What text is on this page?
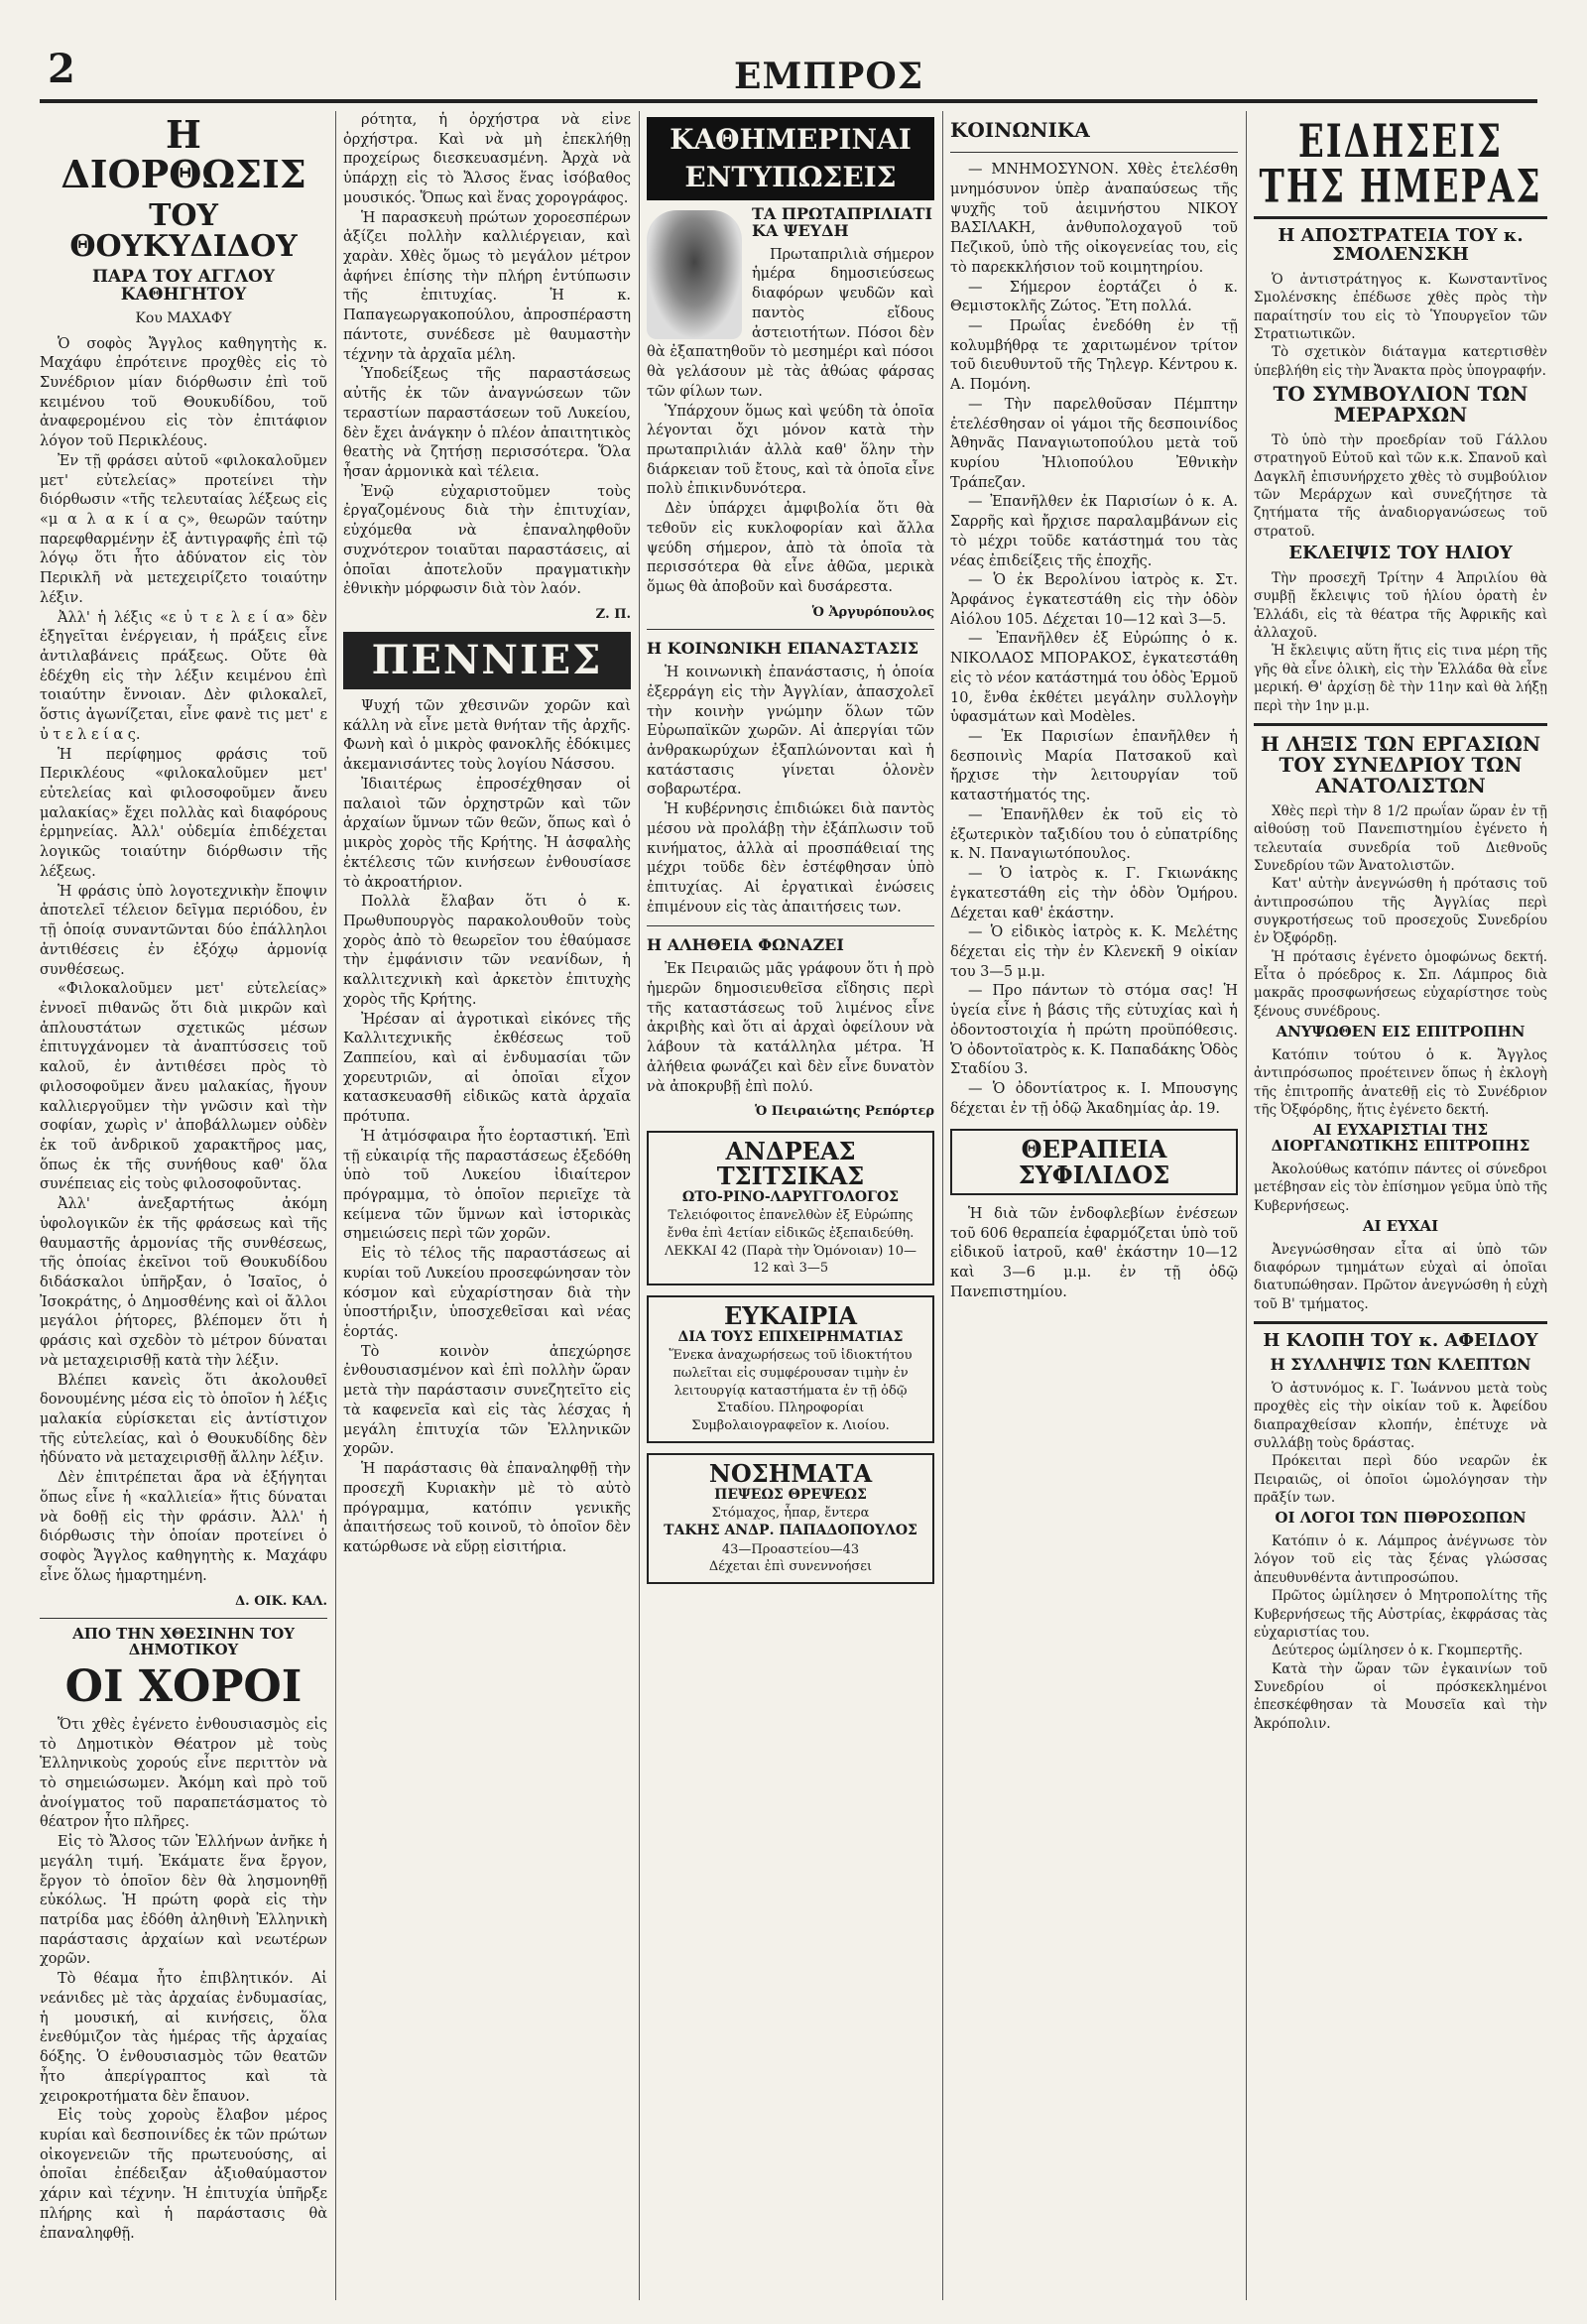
2	ΕΜΠΡΟΣ
Η ΔΙΟΡΘΩΣΙΣ
ΤΟΥ ΘΟΥΚΥΔΙΔΟΥ
ΠΑΡΑ ΤΟΥ ΑΓΓΛΟΥ ΚΑΘΗΓΗΤΟΥ
Κου ΜΑΧΑΦΥ

Ὁ σοφὸς Ἄγγλος καθηγητὴς κ. Μαχάφυ ἐπρότεινε προχθὲς εἰς τὸ Συνέδριον μίαν διόρθωσιν ἐπὶ τοῦ κειμένου τοῦ Θουκυδίδου, τοῦ ἀναφερομένου εἰς τὸν ἐπιτάφιον λόγον τοῦ Περικλέους.

Ἐν τῇ φράσει αὐτοῦ «φιλοκαλοῦμεν μετ' εὐτελείας» προτείνει τὴν διόρθωσιν «τῆς τελευταίας λέξεως εἰς «μ α λ α κ ί α ς», θεωρῶν ταύτην παρεφθαρμένην ἐξ ἀντιγραφῆς ἐπὶ τῷ λόγῳ ὅτι ἦτο ἀδύνατον εἰς τὸν Περικλῆ νὰ μετεχειρίζετο τοιαύτην λέξιν.

Ἀλλ' ἡ λέξις «ε ὐ τ ε λ ε ί α» δὲν ἐξηγεῖται ἐνέργειαν, ἡ πράξεις εἶνε ἀντιλαβάνεις πράξεως. Οὔτε θὰ ἐδέχθη εἰς τὴν λέξιν κειμένου ἐπὶ τοιαύτην ἔννοιαν. Δὲν φιλοκαλεῖ, ὅστις ἀγωνίζεται, εἶνε φανὲ τις μετ' ε ὐ τ ε λ ε ί α ς.

Ἡ περίφημος φράσις τοῦ Περικλέους «φιλοκαλοῦμεν μετ' εὐτελείας καὶ φιλοσοφοῦμεν ἄνευ μαλακίας» ἔχει πολλὰς καὶ διαφόρους ἑρμηνείας. Ἀλλ' οὐδεμία ἐπιδέχεται λογικῶς τοιαύτην διόρθωσιν τῆς λέξεως.

Ἡ φράσις ὑπὸ λογοτεχνικὴν ἔποψιν ἀποτελεῖ τέλειον δεῖγμα περιόδου, ἐν τῇ ὁποίᾳ συναντῶνται δύο ἐπάλληλοι ἀντιθέσεις ἐν ἐξόχῳ ἁρμονίᾳ συνθέσεως.

«Φιλοκαλοῦμεν μετ' εὐτελείας» ἐννοεῖ πιθανῶς ὅτι διὰ μικρῶν καὶ ἁπλουστάτων σχετικῶς μέσων ἐπιτυγχάνομεν τὰ ἀναπτύσσεις τοῦ καλοῦ, ἐν ἀντιθέσει πρὸς τὸ φιλοσοφοῦμεν ἄνευ μαλακίας, ἤγουν καλλιεργοῦμεν τὴν γνῶσιν καὶ τὴν σοφίαν, χωρὶς ν' ἀποβάλλωμεν οὐδὲν ἐκ τοῦ ἀνδρικοῦ χαρακτῆρος μας, ὅπως ἐκ τῆς συνήθους καθ' ὅλα συνέπειας εἰς τοὺς φιλοσοφοῦντας.

Ἀλλ' ἀνεξαρτήτως ἀκόμη ὑφολογικῶν ἐκ τῆς φράσεως καὶ τῆς θαυμαστῆς ἁρμονίας τῆς συνθέσεως, τῆς ὁποίας ἐκεῖνοι τοῦ Θουκυδίδου διδάσκαλοι ὑπῆρξαν, ὁ Ἰσαῖος, ὁ Ἰσοκράτης, ὁ Δημοσθένης καὶ οἱ ἄλλοι μεγάλοι ῥήτορες, βλέπομεν ὅτι ἡ φράσις καὶ σχεδὸν τὸ μέτρον δύναται νὰ μεταχειρισθῇ κατὰ τὴν λέξιν.

Βλέπει κανεὶς ὅτι ἀκολουθεῖ δονουμένης μέσα εἰς τὸ ὁποῖον ἡ λέξις μαλακία εὑρίσκεται εἰς ἀντίστιχον τῆς εὐτελείας, καὶ ὁ Θουκυδίδης δὲν ἠδύνατο νὰ μεταχειρισθῇ ἄλλην λέξιν.

Δὲν ἐπιτρέπεται ἄρα νὰ ἐξήγηται ὅπως εἶνε ἡ «καλλιεία» ἥτις δύναται νὰ δοθῇ εἰς τὴν φράσιν. Ἀλλ' ἡ διόρθωσις τὴν ὁποίαν προτείνει ὁ σοφὸς Ἄγγλος καθηγητὴς κ. Μαχάφυ εἶνε ὅλως ἡμαρτημένη.

Δ. ΟΙΚ. ΚΑΛ.
ΑΠΟ ΤΗΝ ΧΘΕΣΙΝΗΝ ΤΟΥ ΔΗΜΟΤΙΚΟΥ
ΟΙ ΧΟΡΟΙ

Ὅτι χθὲς ἐγένετο ἐνθουσιασμὸς εἰς τὸ Δημοτικὸν Θέατρον μὲ τοὺς Ἑλληνικοὺς χορούς εἶνε περιττὸν νὰ τὸ σημειώσωμεν. Ἀκόμη καὶ πρὸ τοῦ ἀνοίγματος τοῦ παραπετάσματος τὸ θέατρον ἦτο πλῆρες.

Εἰς τὸ Ἄλσος τῶν Ἑλλήνων ἀνῆκε ἡ μεγάλη τιμή. Ἐκάματε ἕνα ἔργον, ἔργον τὸ ὁποῖον δὲν θὰ λησμονηθῇ εὐκόλως. Ἡ πρώτη φορὰ εἰς τὴν πατρίδα μας ἐδόθη ἀληθινὴ Ἑλληνικὴ παράστασις ἀρχαίων καὶ νεωτέρων χορῶν.

Τὸ θέαμα ἦτο ἐπιβλητικόν. Αἱ νεάνιδες μὲ τὰς ἀρχαίας ἐνδυμασίας, ἡ μουσική, αἱ κινήσεις, ὅλα ἐνεθύμιζον τὰς ἡμέρας τῆς ἀρχαίας δόξης. Ὁ ἐνθουσιασμὸς τῶν θεατῶν ἦτο ἀπερίγραπτος καὶ τὰ χειροκροτήματα δὲν ἔπαυον.

Εἰς τοὺς χοροὺς ἔλαβον μέρος κυρίαι καὶ δεσποινίδες ἐκ τῶν πρώτων οἰκογενειῶν τῆς πρωτευούσης, αἱ ὁποῖαι ἐπέδειξαν ἀξιοθαύμαστον χάριν καὶ τέχνην. Ἡ ἐπιτυχία ὑπῆρξε πλήρης καὶ ἡ παράστασις θὰ ἐπαναληφθῇ.

ρότητα, ἡ ὀρχήστρα νὰ εἶνε ὀρχήστρα. Καὶ νὰ μὴ ἐπεκλήθῃ προχείρως διεσκευασμένη. Ἀρχὰ νὰ ὑπάρχῃ εἰς τὸ Ἄλσος ἕνας ἰσόβαθος μουσικός. Ὅπως καὶ ἕνας χορογράφος.

Ἡ παρασκευὴ πρώτων χοροεσπέρων ἀξίζει πολλὴν καλλιέργειαν, καὶ χαρὰν. Χθὲς ὅμως τὸ μεγάλον μέτρον ἀφήνει ἐπίσης τὴν πλήρη ἐντύπωσιν τῆς ἐπιτυχίας. Ἡ κ. Παπαγεωργακοπούλου, ἀπροσπέραστη πάντοτε, συνέδεσε μὲ θαυμαστὴν τέχνην τὰ ἀρχαῖα μέλη.

Ὑποδείξεως τῆς παραστάσεως αὐτῆς ἐκ τῶν ἀναγνώσεων τῶν τεραστίων παραστάσεων τοῦ Λυκείου, δὲν ἔχει ἀνάγκην ὁ πλέον ἀπαιτητικὸς θεατὴς νὰ ζητήσῃ περισσότερα. Ὅλα ἦσαν ἁρμονικὰ καὶ τέλεια.

Ἐνῷ εὐχαριστοῦμεν τοὺς ἐργαζομένους διὰ τὴν ἐπιτυχίαν, εὐχόμεθα νὰ ἐπαναληφθοῦν συχνότερον τοιαῦται παραστάσεις, αἱ ὁποῖαι ἀποτελοῦν πραγματικὴν ἐθνικὴν μόρφωσιν διὰ τὸν λαόν.

Ζ. Π.
ΠΕΝΝΙΕΣ

Ψυχή τῶν χθεσινῶν χορῶν καὶ κάλλη νὰ εἶνε μετὰ θνήταν τῆς ἀρχῆς. Φωνὴ καὶ ὁ μικρὸς φανοκλῆς ἐδόκιμες ἀκεμανισάντες τοὺς λογίου Νάσσου.

Ἰδιαιτέρως ἐπροσέχθησαν οἱ παλαιοὶ τῶν ὀρχηστρῶν καὶ τῶν ἀρχαίων ὕμνων τῶν θεῶν, ὅπως καὶ ὁ μικρὸς χορὸς τῆς Κρήτης. Ἡ ἀσφαλὴς ἐκτέλεσις τῶν κινήσεων ἐνθουσίασε τὸ ἀκροατήριον.

Πολλὰ ἔλαβαν ὅτι ὁ κ. Πρωθυπουργὸς παρακολουθοῦν τοὺς χορὸς ἀπὸ τὸ θεωρεῖον του ἐθαύμασε τὴν ἐμφάνισιν τῶν νεανίδων, ἡ καλλιτεχνικὴ καὶ ἀρκετὸν ἐπιτυχὴς χορὸς τῆς Κρήτης.

Ἠρέσαν αἱ ἀγροτικαὶ εἰκόνες τῆς Καλλιτεχνικῆς ἐκθέσεως τοῦ Ζαππείου, καὶ αἱ ἐνδυμασίαι τῶν χορευτριῶν, αἱ ὁποῖαι εἶχον κατασκευασθῆ εἰδικῶς κατὰ ἀρχαῖα πρότυπα.

Ἡ ἀτμόσφαιρα ἦτο ἑορταστική. Ἐπὶ τῇ εὐκαιρίᾳ τῆς παραστάσεως ἐξεδόθη ὑπὸ τοῦ Λυκείου ἰδιαίτερον πρόγραμμα, τὸ ὁποῖον περιεῖχε τὰ κείμενα τῶν ὕμνων καὶ ἱστορικὰς σημειώσεις περὶ τῶν χορῶν.

Εἰς τὸ τέλος τῆς παραστάσεως αἱ κυρίαι τοῦ Λυκείου προσεφώνησαν τὸν κόσμον καὶ εὐχαρίστησαν διὰ τὴν ὑποστήριξιν, ὑποσχεθεῖσαι καὶ νέας ἑορτάς.

Τὸ κοινὸν ἀπεχώρησε ἐνθουσιασμένον καὶ ἐπὶ πολλὴν ὥραν μετὰ τὴν παράστασιν συνεζητεῖτο εἰς τὰ καφενεῖα καὶ εἰς τὰς λέσχας ἡ μεγάλη ἐπιτυχία τῶν Ἑλληνικῶν χορῶν.

Ἡ παράστασις θὰ ἐπαναληφθῇ τὴν προσεχῆ Κυριακὴν μὲ τὸ αὐτὸ πρόγραμμα, κατόπιν γενικῆς ἀπαιτήσεως τοῦ κοινοῦ, τὸ ὁποῖον δὲν κατώρθωσε νὰ εὕρῃ εἰσιτήρια.

ΚΑΘΗΜΕΡΙΝΑΙ ΕΝΤΥΠΩΣΕΙΣ
ΤΑ ΠΡΩΤΑΠΡΙΛΙΑΤΙ ΚΑ ΨΕΥΔΗ

Πρωταπριλιὰ σήμερον ἡμέρα δημοσιεύσεως διαφόρων ψευδῶν καὶ παντὸς εἴδους ἀστειοτήτων. Πόσοι δὲν θὰ ἐξαπατηθοῦν τὸ μεσημέρι καὶ πόσοι θὰ γελάσουν μὲ τὰς ἀθώας φάρσας τῶν φίλων των.

Ὑπάρχουν ὅμως καὶ ψεύδη τὰ ὁποῖα λέγονται ὄχι μόνον κατὰ τὴν πρωταπριλιάν ἀλλὰ καθ' ὅλην τὴν διάρκειαν τοῦ ἔτους, καὶ τὰ ὁποῖα εἶνε πολὺ ἐπικινδυνότερα.

Δὲν ὑπάρχει ἀμφιβολία ὅτι θὰ τεθοῦν εἰς κυκλοφορίαν καὶ ἄλλα ψεύδη σήμερον, ἀπὸ τὰ ὁποῖα τὰ περισσότερα θὰ εἶνε ἀθῶα, μερικὰ ὅμως θὰ ἀποβοῦν καὶ δυσάρεστα.

Ὁ Ἀργυρόπουλος
Η ΚΟΙΝΩΝΙΚΗ ΕΠΑΝΑΣΤΑΣΙΣ

Ἡ κοινωνικὴ ἐπανάστασις, ἡ ὁποία ἐξερράγη εἰς τὴν Ἀγγλίαν, ἀπασχολεῖ τὴν κοινὴν γνώμην ὅλων τῶν Εὐρωπαϊκῶν χωρῶν. Αἱ ἀπεργίαι τῶν ἀνθρακωρύχων ἐξαπλώνονται καὶ ἡ κατάστασις γίνεται ὁλονὲν σοβαρωτέρα.

Ἡ κυβέρνησις ἐπιδιώκει διὰ παντὸς μέσου νὰ προλάβῃ τὴν ἐξάπλωσιν τοῦ κινήματος, ἀλλὰ αἱ προσπάθειαί της μέχρι τοῦδε δὲν ἐστέφθησαν ὑπὸ ἐπιτυχίας. Αἱ ἐργατικαὶ ἑνώσεις ἐπιμένουν εἰς τὰς ἀπαιτήσεις των.

Η ΑΛΗΘΕΙΑ ΦΩΝΑΖΕΙ

Ἐκ Πειραιῶς μᾶς γράφουν ὅτι ἡ πρὸ ἡμερῶν δημοσιευθεῖσα εἴδησις περὶ τῆς καταστάσεως τοῦ λιμένος εἶνε ἀκριβὴς καὶ ὅτι αἱ ἀρχαὶ ὀφείλουν νὰ λάβουν τὰ κατάλληλα μέτρα. Ἡ ἀλήθεια φωνάζει καὶ δὲν εἶνε δυνατὸν νὰ ἀποκρυβῇ ἐπὶ πολύ.

Ὁ Πειραιώτης Ρεπόρτερ
ΑΝΔΡΕΑΣ ΤΣΙΤΣΙΚΑΣ
ΩΤΟ-ΡΙΝΟ-ΛΑΡΥΓΓΟΛΟΓΟΣ
Τελειόφοιτος ἐπανελθὼν ἐξ Εὐρώπης ἔνθα ἐπὶ 4ετίαν εἰδικῶς ἐξεπαιδεύθη.
ΛΕΚΚΑΙ 42 (Παρὰ τὴν Ὁμόνοιαν) 10—12 καὶ 3—5
ΕΥΚΑΙΡΙΑ
ΔΙΑ ΤΟΥΣ ΕΠΙΧΕΙΡΗΜΑΤΙΑΣ
Ἕνεκα ἀναχωρήσεως τοῦ ἰδιοκτήτου πωλεῖται εἰς συμφέρουσαν τιμὴν ἐν λειτουργίᾳ καταστήματα ἐν τῇ ὁδῷ Σταδίου. Πληροφορίαι Συμβολαιογραφεῖον κ. Λιοίου.
ΝΟΣΗΜΑΤΑ
ΠΕΨΕΩΣ ΘΡΕΨΕΩΣ
Στόμαχος, ἧπαρ, ἔντερα
ΤΑΚΗΣ ΑΝΔΡ. ΠΑΠΑΔΟΠΟΥΛΟΣ
43—Προαστείου—43
Δέχεται ἐπὶ συνεννοήσει
ΚΟΙΝΩΝΙΚΑ

— ΜΝΗΜΟΣΥΝΟΝ. Χθὲς ἐτελέσθη μνημόσυνον ὑπὲρ ἀναπαύσεως τῆς ψυχῆς τοῦ ἀειμνήστου ΝΙΚΟΥ ΒΑΣΙΛΑΚΗ, ἀνθυπολοχαγοῦ τοῦ Πεζικοῦ, ὑπὸ τῆς οἰκογενείας του, εἰς τὸ παρεκκλήσιον τοῦ κοιμητηρίου.

— Σήμερον ἑορτάζει ὁ κ. Θεμιστοκλῆς Ζώτος. Ἔτη πολλά.

— Πρωΐας ἐνεδόθη ἐν τῇ κολυμβήθρᾳ τε χαριτωμένον τρίτον τοῦ διευθυντοῦ τῆς Τηλεγρ. Κέντρου κ. Α. Πομόνη.

— Τὴν παρελθοῦσαν Πέμπτην ἐτελέσθησαν οἱ γάμοι τῆς δεσποινίδος Ἀθηνᾶς Παναγιωτοπούλου μετὰ τοῦ κυρίου Ἠλιοπούλου Ἐθνικὴν Τράπεζαν.

— Ἐπανῆλθεν ἐκ Παρισίων ὁ κ. Α. Σαρρῆς καὶ ἤρχισε παραλαμβάνων εἰς τὸ μέχρι τοῦδε κατάστημά του τὰς νέας ἐπιδείξεις τῆς ἐποχῆς.

— Ὁ ἐκ Βερολίνου ἰατρὸς κ. Στ. Ἀρφάνος ἐγκατεστάθη εἰς τὴν ὁδὸν Αἰόλου 105. Δέχεται 10—12 καὶ 3—5.

— Ἐπανῆλθεν ἐξ Εὐρώπης ὁ κ. ΝΙΚΟΛΑΟΣ ΜΠΟΡΑΚΟΣ, ἐγκατεστάθη εἰς τὸ νέον κατάστημά του ὁδὸς Ἑρμοῦ 10, ἔνθα ἐκθέτει μεγάλην συλλογὴν ὑφασμάτων καὶ Modèles.

— Ἐκ Παρισίων ἐπανῆλθεν ἡ δεσποινὶς Μαρία Πατσακοῦ καὶ ἤρχισε τὴν λειτουργίαν τοῦ καταστήματός της.

— Ἐπανῆλθεν ἐκ τοῦ εἰς τὸ ἐξωτερικὸν ταξιδίου του ὁ εὐπατρίδης κ. Ν. Παναγιωτόπουλος.

— Ὁ ἰατρὸς κ. Γ. Γκιωνάκης ἐγκατεστάθη εἰς τὴν ὁδὸν Ὁμήρου. Δέχεται καθ' ἑκάστην.

— Ὁ εἰδικὸς ἰατρὸς κ. Κ. Μελέτης δέχεται εἰς τὴν ἐν Κλενεκῆ 9 οἰκίαν του 3—5 μ.μ.

— Προ πάντων τὸ στόμα σας! Ἡ ὑγεία εἶνε ἡ βάσις τῆς εὐτυχίας καὶ ἡ ὀδοντοστοιχία ἡ πρώτη προϋπόθεσις. Ὁ ὀδοντοϊατρὸς κ. Κ. Παπαδάκης Ὁδὸς Σταδίου 3.

— Ὁ ὀδοντίατρος κ. Ι. Μπουσγης δέχεται ἐν τῇ ὁδῷ Ἀκαδημίας ἀρ. 19.

ΘΕΡΑΠΕΙΑ ΣΥΦΙΛΙΔΟΣ

Ἡ διὰ τῶν ἐνδοφλεβίων ἐνέσεων τοῦ 606 θεραπεία ἐφαρμόζεται ὑπὸ τοῦ εἰδικοῦ ἰατροῦ, καθ' ἑκάστην 10—12 καὶ 3—6 μ.μ. ἐν τῇ ὁδῷ Πανεπιστημίου.

ΕΙΔΗΣΕΙΣ ΤΗΣ ΗΜΕΡΑΣ
Η ΑΠΟΣΤΡΑΤΕΙΑ ΤΟΥ κ. ΣΜΟΛΕΝΣΚΗ

Ὁ ἀντιστράτηγος κ. Κωνσταντῖνος Σμολένσκης ἐπέδωσε χθὲς πρὸς τὴν παραίτησίν του εἰς τὸ Ὑπουργεῖον τῶν Στρατιωτικῶν.

Τὸ σχετικὸν διάταγμα κατερτισθὲν ὑπεβλήθη εἰς τὴν Ἄνακτα πρὸς ὑπογραφήν.

ΤΟ ΣΥΜΒΟΥΛΙΟΝ ΤΩΝ ΜΕΡΑΡΧΩΝ

Τὸ ὑπὸ τὴν προεδρίαν τοῦ Γάλλου στρατηγοῦ Εὐτοῦ καὶ τῶν κ.κ. Σπανοῦ καὶ Δαγκλῆ ἐπισυνήρχετο χθὲς τὸ συμβούλιον τῶν Μεράρχων καὶ συνεζήτησε τὰ ζητήματα τῆς ἀναδιοργανώσεως τοῦ στρατοῦ.

ΕΚΛΕΙΨΙΣ ΤΟΥ ΗΛΙΟΥ

Τὴν προσεχῆ Τρίτην 4 Ἀπριλίου θὰ συμβῇ ἔκλειψις τοῦ ἡλίου ὁρατὴ ἐν Ἑλλάδι, εἰς τὰ θέατρα τῆς Ἀφρικῆς καὶ ἀλλαχοῦ.

Ἡ ἔκλειψις αὕτη ἥτις εἰς τινα μέρη τῆς γῆς θὰ εἶνε ὁλικὴ, εἰς τὴν Ἑλλάδα θὰ εἶνε μερική. Θ' ἀρχίσῃ δὲ τὴν 11ην καὶ θὰ λήξῃ περὶ τὴν 1ην μ.μ.

Η ΛΗΞΙΣ ΤΩΝ ΕΡΓΑΣΙΩΝ ΤΟΥ ΣΥΝΕΔΡΙΟΥ ΤΩΝ ΑΝΑΤΟΛΙΣΤΩΝ

Χθὲς περὶ τὴν 8 1/2 πρωΐαν ὥραν ἐν τῇ αἰθούσῃ τοῦ Πανεπιστημίου ἐγένετο ἡ τελευταία συνεδρία τοῦ Διεθνοῦς Συνεδρίου τῶν Ἀνατολιστῶν.

Κατ' αὐτὴν ἀνεγνώσθη ἡ πρότασις τοῦ ἀντιπροσώπου τῆς Ἀγγλίας περὶ συγκροτήσεως τοῦ προσεχοῦς Συνεδρίου ἐν Ὀξφόρδῃ.

Ἡ πρότασις ἐγένετο ὁμοφώνως δεκτή. Εἶτα ὁ πρόεδρος κ. Σπ. Λάμπρος διὰ μακρᾶς προσφωνήσεως εὐχαρίστησε τοὺς ξένους συνέδρους.

ΑΝΥΨΩΘΕΝ ΕΙΣ ΕΠΙΤΡΟΠΗΝ

Κατόπιν τούτου ὁ κ. Ἄγγλος ἀντιπρόσωπος προέτεινεν ὅπως ἡ ἐκλογὴ τῆς ἐπιτροπῆς ἀνατεθῇ εἰς τὸ Συνέδριον τῆς Ὀξφόρδης, ἥτις ἐγένετο δεκτή.

ΑΙ ΕΥΧΑΡΙΣΤΙΑΙ ΤΗΣ ΔΙΟΡΓΑΝΩΤΙΚΗΣ ΕΠΙΤΡΟΠΗΣ

Ἀκολούθως κατόπιν πάντες οἱ σύνεδροι μετέβησαν εἰς τὸν ἐπίσημον γεῦμα ὑπὸ τῆς Κυβερνήσεως.

ΑΙ ΕΥΧΑΙ

Ἀνεγνώσθησαν εἶτα αἱ ὑπὸ τῶν διαφόρων τμημάτων εὐχαὶ αἱ ὁποῖαι διατυπώθησαν. Πρῶτον ἀνεγνώσθη ἡ εὐχὴ τοῦ Β' τμήματος.

Η ΚΛΟΠΗ ΤΟΥ κ. ΑΦΕΙΔΟΥ
Η ΣΥΛΛΗΨΙΣ ΤΩΝ ΚΛΕΠΤΩΝ

Ὁ ἀστυνόμος κ. Γ. Ἰωάννου μετὰ τοὺς προχθὲς εἰς τὴν οἰκίαν τοῦ κ. Ἀφείδου διαπραχθείσαν κλοπήν, ἐπέτυχε νὰ συλλάβῃ τοὺς δράστας.

Πρόκειται περὶ δύο νεαρῶν ἐκ Πειραιῶς, οἱ ὁποῖοι ὡμολόγησαν τὴν πρᾶξίν των.

ΟΙ ΛΟΓΟΙ ΤΩΝ ΠΙΘΡΟΣΩΠΩΝ

Κατόπιν ὁ κ. Λάμπρος ἀνέγνωσε τὸν λόγον τοῦ εἰς τὰς ξένας γλώσσας ἀπευθυνθέντα ἀντιπροσώπου.

Πρῶτος ὡμίλησεν ὁ Μητροπολίτης τῆς Κυβερνήσεως τῆς Αὐστρίας, ἐκφράσας τὰς εὐχαριστίας του.

Δεύτερος ὡμίλησεν ὁ κ. Γκομπερτῆς.

Κατὰ τὴν ὥραν τῶν ἐγκαινίων τοῦ Συνεδρίου οἱ πρόσκεκλημένοι ἐπεσκέφθησαν τὰ Μουσεῖα καὶ τὴν Ἀκρόπολιν.
